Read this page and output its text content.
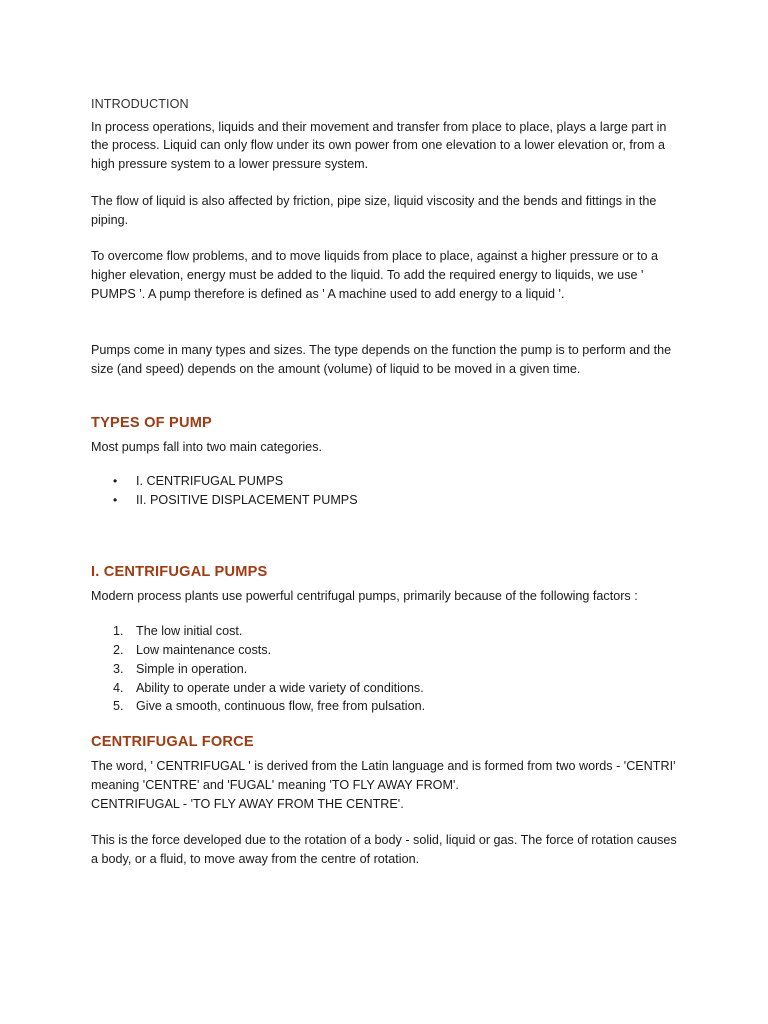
INTRODUCTION

In process operations, liquids and their movement and transfer from place to place, plays a large part in the process. Liquid can only flow under its own power from one elevation to a lower elevation or, from a high pressure system to a lower pressure system.

The flow of liquid is also affected by friction, pipe size, liquid viscosity and the bends and fittings in the piping.

To overcome flow problems, and to move liquids from place to place, against a higher pressure or to a higher elevation, energy must be added to the liquid. To add the required energy to liquids, we use ' PUMPS '. A pump therefore is defined as ' A machine used to add energy to a liquid '.

Pumps come in many types and sizes. The type depends on the function the pump is to perform and the size (and speed) depends on the amount (volume) of liquid to be moved in a given time.

TYPES OF PUMP

Most pumps fall into two main categories.

• I. CENTRIFUGAL PUMPS
• II. POSITIVE DISPLACEMENT PUMPS
I. CENTRIFUGAL PUMPS

Modern process plants use powerful centrifugal pumps, primarily because of the following factors :

1. The low initial cost.
2. Low maintenance costs.
3. Simple in operation.
4. Ability to operate under a wide variety of conditions.
5. Give a smooth, continuous flow, free from pulsation.
CENTRIFUGAL FORCE

The word, ' CENTRIFUGAL ' is derived from the Latin language and is formed from two words - 'CENTRI' meaning 'CENTRE' and 'FUGAL' meaning 'TO FLY AWAY FROM'.

CENTRIFUGAL - 'TO FLY AWAY FROM THE CENTRE'.

This is the force developed due to the rotation of a body - solid, liquid or gas. The force of rotation causes a body, or a fluid, to move away from the centre of rotation.
